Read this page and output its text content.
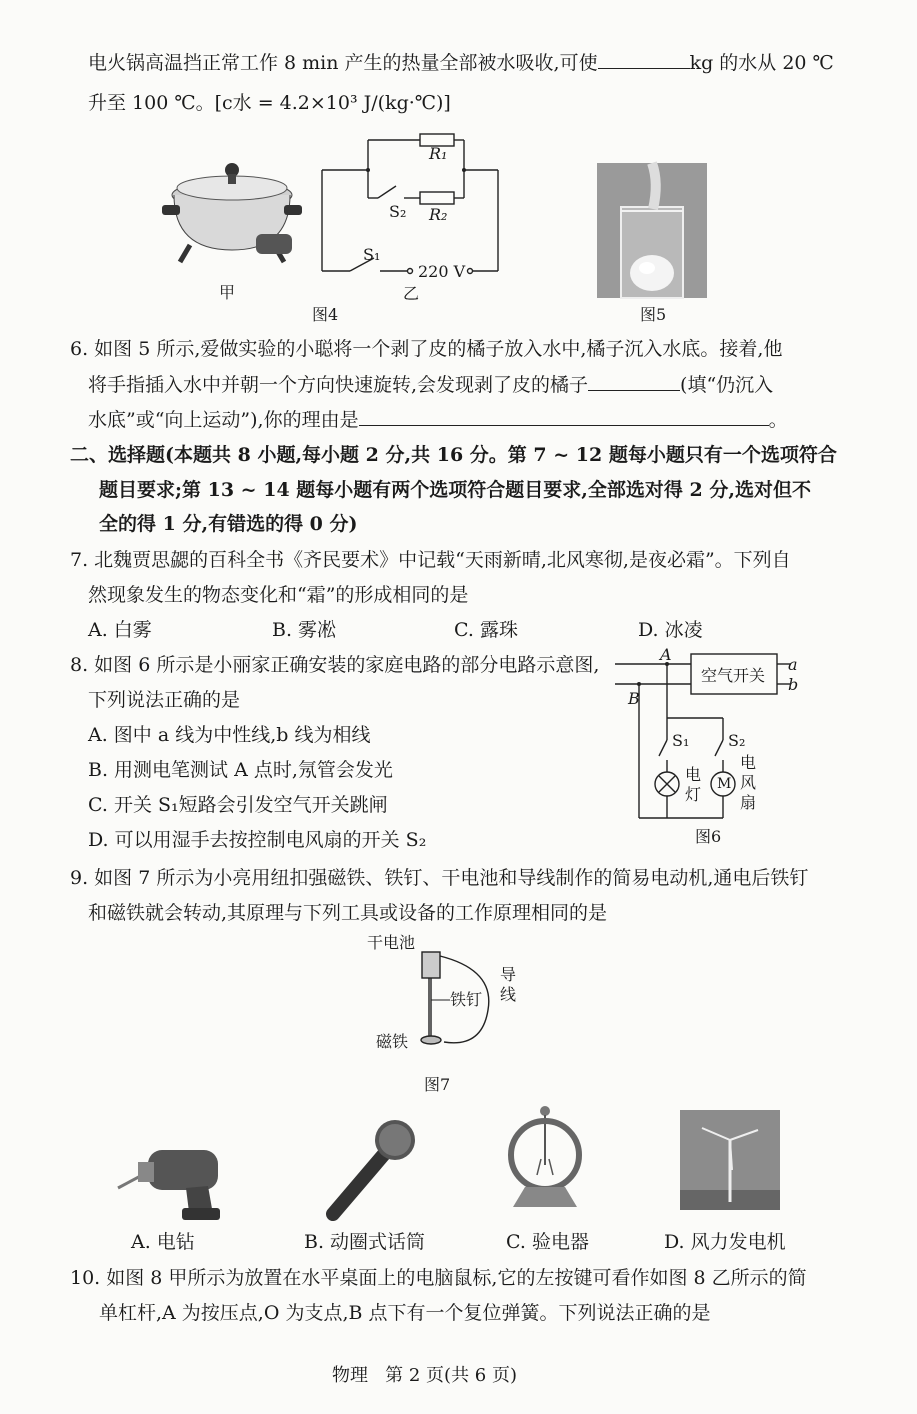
电火锅高温挡正常工作 8 min 产生的热量全部被水吸收,可使	kg 的水从 20 ℃
升至 100 ℃。[c水 = 4.2×10³ J/(kg·℃)]
甲
R₁
R₂
S₂
S₁
220 V
乙
图4	图5
6. 如图 5 所示,爱做实验的小聪将一个剥了皮的橘子放入水中,橘子沉入水底。接着,他
将手指插入水中并朝一个方向快速旋转,会发现剥了皮的橘子	(填“仍沉入
水底”或“向上运动”),你的理由是	。
二、选择题(本题共 8 小题,每小题 2 分,共 16 分。第 7 ~ 12 题每小题只有一个选项符合
题目要求;第 13 ~ 14 题每小题有两个选项符合题目要求,全部选对得 2 分,选对但不
全的得 1 分,有错选的得 0 分)
7. 北魏贾思勰的百科全书《齐民要术》中记载“天雨新晴,北风寒彻,是夜必霜”。下列自
然现象发生的物态变化和“霜”的形成相同的是
A. 白雾	B. 雾凇	C. 露珠	D. 冰凌
8. 如图 6 所示是小丽家正确安装的家庭电路的部分电路示意图,
下列说法正确的是
A. 图中 a 线为中性线,b 线为相线
B. 用测电笔测试 A 点时,氖管会发光
C. 开关 S₁短路会引发空气开关跳闸
D. 可以用湿手去按控制电风扇的开关 S₂
空气开关
a
b
A
B
S₁ S₂
电灯
M
电风扇
图6
9. 如图 7 所示为小亮用纽扣强磁铁、铁钉、干电池和导线制作的简易电动机,通电后铁钉
和磁铁就会转动,其原理与下列工具或设备的工作原理相同的是
干电池
铁钉
磁铁
导线
图7
A. 电钻	B. 动圈式话筒	C. 验电器	D. 风力发电机
10. 如图 8 甲所示为放置在水平桌面上的电脑鼠标,它的左按键可看作如图 8 乙所示的简
单杠杆,A 为按压点,O 为支点,B 点下有一个复位弹簧。下列说法正确的是
物理   第 2 页(共 6 页)
